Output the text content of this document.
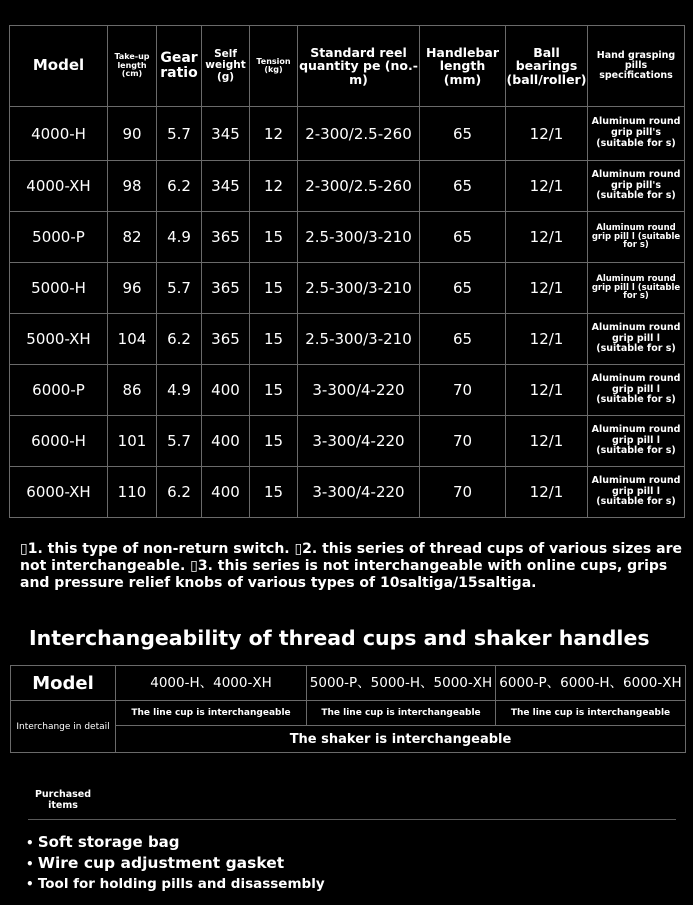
Model	Take-up length (cm)	Gear ratio	Self weight (g)	Tension (kg)	Standard reel quantity pe (no.-m)	Handlebar length (mm)	Ball bearings (ball/roller)	Hand grasping pills specifications
4000-H	90	5.7	345	12	2-300/2.5-260	65	12/1	Aluminum round grip pill's (suitable for s)
4000-XH	98	6.2	345	12	2-300/2.5-260	65	12/1	Aluminum round grip pill's (suitable for s)
5000-P	82	4.9	365	15	2.5-300/3-210	65	12/1	Aluminum round grip pill l (suitable for s)
5000-H	96	5.7	365	15	2.5-300/3-210	65	12/1	Aluminum round grip pill l (suitable for s)
5000-XH	104	6.2	365	15	2.5-300/3-210	65	12/1	Aluminum round grip pill l (suitable for s)
6000-P	86	4.9	400	15	3-300/4-220	70	12/1	Aluminum round grip pill l (suitable for s)
6000-H	101	5.7	400	15	3-300/4-220	70	12/1	Aluminum round grip pill l (suitable for s)
6000-XH	110	6.2	400	15	3-300/4-220	70	12/1	Aluminum round grip pill l (suitable for s)

▯1. this type of non-return switch. ▯2. this series of thread cups of various sizes are not interchangeable. ▯3. this series is not interchangeable with online cups, grips and pressure relief knobs of various types of 10saltiga/15saltiga.

Interchangeability of thread cups and shaker handles
Model	4000-H、4000-XH	5000-P、5000-H、5000-XH	6000-P、6000-H、6000-XH
Interchange in detail	The line cup is interchangeable	The line cup is interchangeable	The line cup is interchangeable
	The shaker is interchangeable		
Purchased items
• Soft storage bag
• Wire cup adjustment gasket
• Tool for holding pills and disassembly
